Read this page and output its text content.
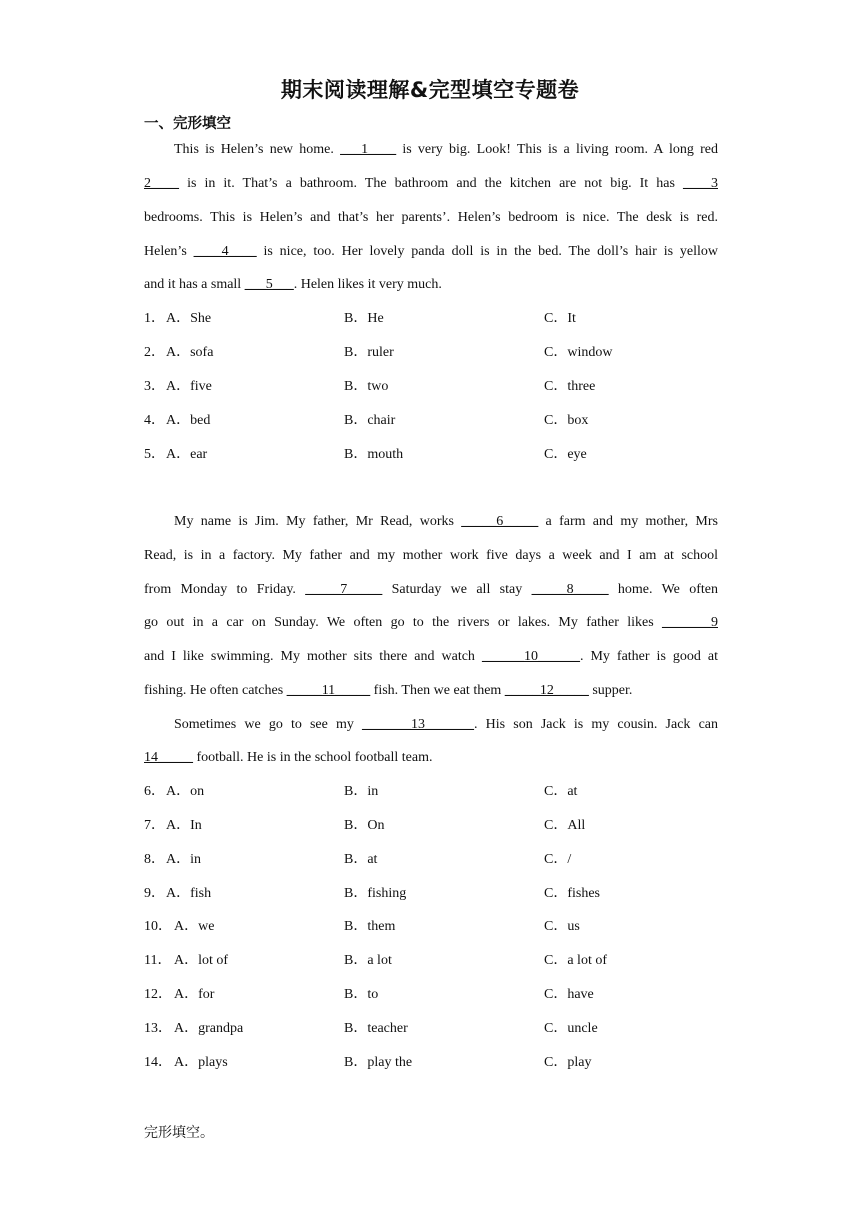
期末阅读理解&完型填空专题卷
一、完形填空
This is Helen’s new home. ___1____ is very big. Look! This is a living room. A long red
2____ is in it. That’s a bathroom. The bathroom and the kitchen are not big. It has ____3
bedrooms. This is Helen’s and that’s her parents’. Helen’s bedroom is nice. The desk is red.
Helen’s ____4____ is nice, too. Her lovely panda doll is in the bed. The doll’s hair is yellow
and it has a small ___5___. Helen likes it very much.
1． A．She	B．He	C．It
2． A．sofa	B．ruler	C．window
3． A．five	B．two	C．three
4． A．bed	B．chair	C．box
5． A．ear	B．mouth	C．eye
My name is Jim. My father, Mr Read, works _____6_____ a farm and my mother, Mrs
Read, is in a factory. My father and my mother work five days a week and I am at school
from Monday to Friday. _____7_____ Saturday we all stay _____8_____ home. We often
go out in a car on Sunday. We often go to the rivers or lakes. My father likes _______9
and I like swimming. My mother sits there and watch ______10______. My father is good at
fishing. He often catches _____11_____ fish. Then we eat them _____12_____ supper.
Sometimes we go to see my _______13_______. His son Jack is my cousin. Jack can
14_____ football. He is in the school football team.
6． A．on	B．in	C．at
7． A．In	B．On	C．All
8． A．in	B．at	C．/
9． A．fish	B．fishing	C．fishes
10． A．we	B．them	C．us
11． A．lot of	B．a lot	C．a lot of
12． A．for	B．to	C．have
13． A．grandpa	B．teacher	C．uncle
14． A．plays	B．play the	C．play
完形填空。
